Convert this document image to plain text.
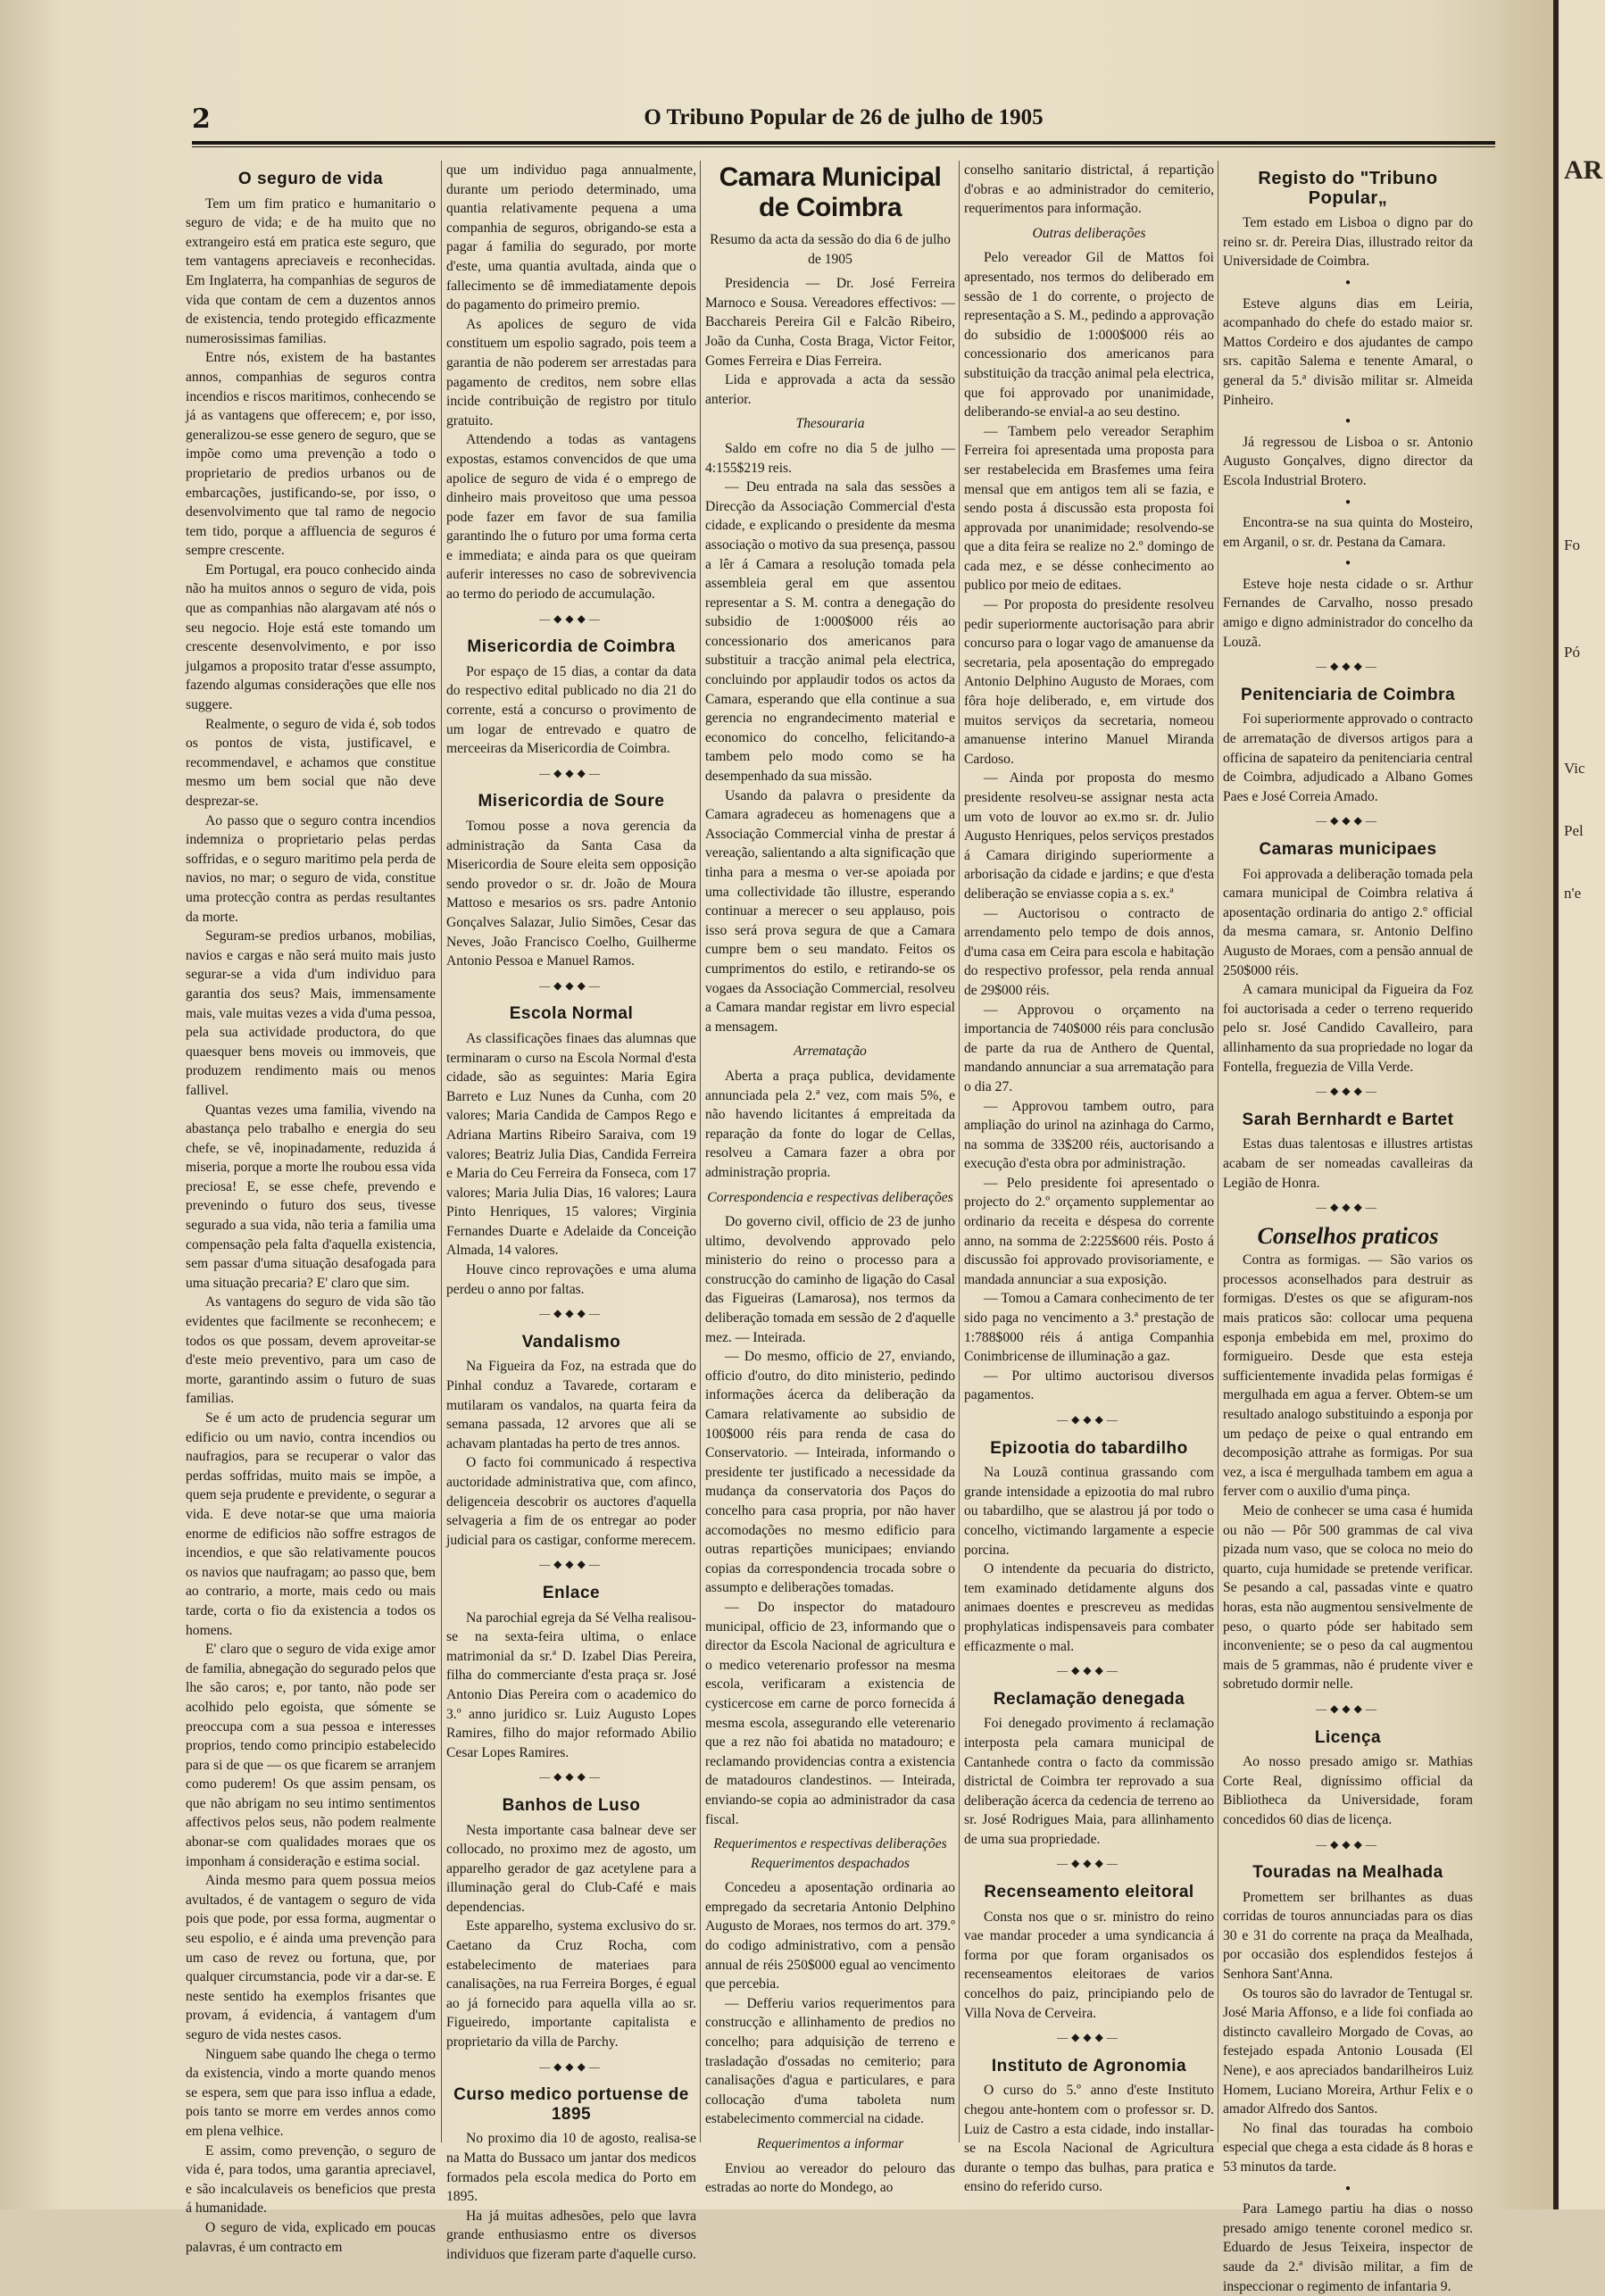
2	O Tribuno Popular de 26 de julho de 1905
O seguro de vida

Tem um fim pratico e humanitario o seguro de vida; e de ha muito que no extrangeiro está em pratica este seguro, que tem vantagens apreciaveis e reconhecidas. Em Inglaterra, ha companhias de seguros de vida que contam de cem a duzentos annos de existencia, tendo protegido efficazmente numerosissimas familias.

Entre nós, existem de ha bastantes annos, companhias de seguros contra incendios e riscos maritimos, conhecendo se já as vantagens que offerecem; e, por isso, generalizou-se esse genero de seguro, que se impõe como uma prevenção a todo o proprietario de predios urbanos ou de embarcações, justificando-se, por isso, o desenvolvimento que tal ramo de negocio tem tido, porque a affluencia de seguros é sempre crescente.

Em Portugal, era pouco conhecido ainda não ha muitos annos o seguro de vida, pois que as companhias não alargavam até nós o seu negocio. Hoje está este tomando um crescente desenvolvimento, e por isso julgamos a proposito tratar d'esse assumpto, fazendo algumas considerações que elle nos suggere.

Realmente, o seguro de vida é, sob todos os pontos de vista, justificavel, e recommendavel, e achamos que constitue mesmo um bem social que não deve desprezar-se.

Ao passo que o seguro contra incendios indemniza o proprietario pelas perdas soffridas, e o seguro maritimo pela perda de navios, no mar; o seguro de vida, constitue uma protecção contra as perdas resultantes da morte.

Seguram-se predios urbanos, mobilias, navios e cargas e não será muito mais justo segurar-se a vida d'um individuo para garantia dos seus? Mais, immensamente mais, vale muitas vezes a vida d'uma pessoa, pela sua actividade productora, do que quaesquer bens moveis ou immoveis, que produzem rendimento mais ou menos fallivel.

Quantas vezes uma familia, vivendo na abastança pelo trabalho e energia do seu chefe, se vê, inopinadamente, reduzida á miseria, porque a morte lhe roubou essa vida preciosa! E, se esse chefe, prevendo e prevenindo o futuro dos seus, tivesse segurado a sua vida, não teria a familia uma compensação pela falta d'aquella existencia, sem passar d'uma situação desafogada para uma situação precaria? E' claro que sim.

As vantagens do seguro de vida são tão evidentes que facilmente se reconhecem; e todos os que possam, devem aproveitar-se d'este meio preventivo, para um caso de morte, garantindo assim o futuro de suas familias.

Se é um acto de prudencia segurar um edificio ou um navio, contra incendios ou naufragios, para se recuperar o valor das perdas soffridas, muito mais se impõe, a quem seja prudente e previdente, o segurar a vida. E deve notar-se que uma maioria enorme de edificios não soffre estragos de incendios, e que são relativamente poucos os navios que naufragam; ao passo que, bem ao contrario, a morte, mais cedo ou mais tarde, corta o fio da existencia a todos os homens.

E' claro que o seguro de vida exige amor de familia, abnegação do segurado pelos que lhe são caros; e, por tanto, não pode ser acolhido pelo egoista, que sómente se preoccupa com a sua pessoa e interesses proprios, tendo como principio estabelecido para si de que — os que ficarem se arranjem como puderem! Os que assim pensam, os que não abrigam no seu intimo sentimentos affectivos pelos seus, não podem realmente abonar-se com qualidades moraes que os imponham á consideração e estima social.

Ainda mesmo para quem possua meios avultados, é de vantagem o seguro de vida pois que pode, por essa forma, augmentar o seu espolio, e é ainda uma prevenção para um caso de revez ou fortuna, que, por qualquer circumstancia, pode vir a dar-se. E neste sentido ha exemplos frisantes que provam, á evidencia, á vantagem d'um seguro de vida nestes casos.

Ninguem sabe quando lhe chega o termo da existencia, vindo a morte quando menos se espera, sem que para isso influa a edade, pois tanto se morre em verdes annos como em plena velhice.

E assim, como prevenção, o seguro de vida é, para todos, uma garantia apreciavel, e são incalculaveis os beneficios que presta á humanidade.

O seguro de vida, explicado em poucas palavras, é um contracto em

que um individuo paga annualmente, durante um periodo determinado, uma quantia relativamente pequena a uma companhia de seguros, obrigando-se esta a pagar á familia do segurado, por morte d'este, uma quantia avultada, ainda que o fallecimento se dê immediatamente depois do pagamento do primeiro premio.

As apolices de seguro de vida constituem um espolio sagrado, pois teem a garantia de não poderem ser arrestadas para pagamento de creditos, nem sobre ellas incide contribuição de registro por titulo gratuito.

Attendendo a todas as vantagens expostas, estamos convencidos de que uma apolice de seguro de vida é o emprego de dinheiro mais proveitoso que uma pessoa pode fazer em favor de sua familia garantindo lhe o futuro por uma forma certa e immediata; e ainda para os que queiram auferir interesses no caso de sobrevivencia ao termo do periodo de accumulação.

—◆◆◆—
Misericordia de Coimbra

Por espaço de 15 dias, a contar da data do respectivo edital publicado no dia 21 do corrente, está a concurso o provimento de um logar de entrevado e quatro de merceeiras da Misericordia de Coimbra.

—◆◆◆—
Misericordia de Soure

Tomou posse a nova gerencia da administração da Santa Casa da Misericordia de Soure eleita sem opposição sendo provedor o sr. dr. João de Moura Mattoso e mesarios os srs. padre Antonio Gonçalves Salazar, Julio Simões, Cesar das Neves, João Francisco Coelho, Guilherme Antonio Pessoa e Manuel Ramos.

—◆◆◆—
Escola Normal

As classificações finaes das alumnas que terminaram o curso na Escola Normal d'esta cidade, são as seguintes: Maria Egira Barreto e Luz Nunes da Cunha, com 20 valores; Maria Candida de Campos Rego e Adriana Martins Ribeiro Saraiva, com 19 valores; Beatriz Julia Dias, Candida Ferreira e Maria do Ceu Ferreira da Fonseca, com 17 valores; Maria Julia Dias, 16 valores; Laura Pinto Henriques, 15 valores; Virginia Fernandes Duarte e Adelaide da Conceição Almada, 14 valores.

Houve cinco reprovações e uma aluma perdeu o anno por faltas.

—◆◆◆—
Vandalismo

Na Figueira da Foz, na estrada que do Pinhal conduz a Tavarede, cortaram e mutilaram os vandalos, na quarta feira da semana passada, 12 arvores que ali se achavam plantadas ha perto de tres annos.

O facto foi communicado á respectiva auctoridade administrativa que, com afinco, deligenceia descobrir os auctores d'aquella selvageria a fim de os entregar ao poder judicial para os castigar, conforme merecem.

—◆◆◆—
Enlace

Na parochial egreja da Sé Velha realisou-se na sexta-feira ultima, o enlace matrimonial da sr.ª D. Izabel Dias Pereira, filha do commerciante d'esta praça sr. José Antonio Dias Pereira com o academico do 3.º anno juridico sr. Luiz Augusto Lopes Ramires, filho do major reformado Abilio Cesar Lopes Ramires.

—◆◆◆—
Banhos de Luso

Nesta importante casa balnear deve ser collocado, no proximo mez de agosto, um apparelho gerador de gaz acetylene para a illuminação geral do Club-Café e mais dependencias.

Este apparelho, systema exclusivo do sr. Caetano da Cruz Rocha, com estabelecimento de materiaes para canalisações, na rua Ferreira Borges, é egual ao já fornecido para aquella villa ao sr. Figueiredo, importante capitalista e proprietario da villa de Parchy.

—◆◆◆—
Curso medico portuense de 1895

No proximo dia 10 de agosto, realisa-se na Matta do Bussaco um jantar dos medicos formados pela escola medica do Porto em 1895.

Ha já muitas adhesões, pelo que lavra grande enthusiasmo entre os diversos individuos que fizeram parte d'aquelle curso.

Camara Municipal de Coimbra
Resumo da acta da sessão do dia 6 de julho de 1905

Presidencia — Dr. José Ferreira Marnoco e Sousa. Vereadores effectivos: — Bacchareis Pereira Gil e Falcão Ribeiro, João da Cunha, Costa Braga, Victor Feitor, Gomes Ferreira e Dias Ferreira.

Lida e approvada a acta da sessão anterior.

Thesouraria

Saldo em cofre no dia 5 de julho — 4:155$219 reis.

— Deu entrada na sala das sessões a Direcção da Associação Commercial d'esta cidade, e explicando o presidente da mesma associação o motivo da sua presença, passou a lêr á Camara a resolução tomada pela assembleia geral em que assentou representar a S. M. contra a denegação do subsidio de 1:000$000 réis ao concessionario dos americanos para substituir a tracção animal pela electrica, concluindo por applaudir todos os actos da Camara, esperando que ella continue a sua gerencia no engrandecimento material e economico do concelho, felicitando-a tambem pelo modo como se ha desempenhado da sua missão.

Usando da palavra o presidente da Camara agradeceu as homenagens que a Associação Commercial vinha de prestar á vereação, salientando a alta significação que tinha para a mesma o ver-se apoiada por uma collectividade tão illustre, esperando continuar a merecer o seu applauso, pois isso será prova segura de que a Camara cumpre bem o seu mandato. Feitos os cumprimentos do estilo, e retirando-se os vogaes da Associação Commercial, resolveu a Camara mandar registar em livro especial a mensagem.

Arrematação

Aberta a praça publica, devidamente annunciada pela 2.ª vez, com mais 5%, e não havendo licitantes á empreitada da reparação da fonte do logar de Cellas, resolveu a Camara fazer a obra por administração propria.

Correspondencia e respectivas deliberações

Do governo civil, officio de 23 de junho ultimo, devolvendo approvado pelo ministerio do reino o processo para a construcção do caminho de ligação do Casal das Figueiras (Lamarosa), nos termos da deliberação tomada em sessão de 2 d'aquelle mez. — Inteirada.

— Do mesmo, officio de 27, enviando, officio d'outro, do dito ministerio, pedindo informações ácerca da deliberação da Camara relativamente ao subsidio de 100$000 réis para renda de casa do Conservatorio. — Inteirada, informando o presidente ter justificado a necessidade da mudança da conservatoria dos Paços do concelho para casa propria, por não haver accomodações no mesmo edificio para outras repartições municipaes; enviando copias da correspondencia trocada sobre o assumpto e deliberações tomadas.

— Do inspector do matadouro municipal, officio de 23, informando que o director da Escola Nacional de agricultura e o medico veterenario professor na mesma escola, verificaram a existencia de cysticercose em carne de porco fornecida á mesma escola, assegurando elle veterenario que a rez não foi abatida no matadouro; e reclamando providencias contra a existencia de matadouros clandestinos. — Inteirada, enviando-se copia ao administrador da casa fiscal.

Requerimentos e respectivas deliberações Requerimentos despachados

Concedeu a aposentação ordinaria ao empregado da secretaria Antonio Delphino Augusto de Moraes, nos termos do art. 379.º do codigo administrativo, com a pensão annual de réis 250$000 egual ao vencimento que percebia.

— Defferiu varios requerimentos para construcção e allinhamento de predios no concelho; para adquisição de terreno e trasladação d'ossadas no cemiterio; para canalisações d'agua e particulares, e para collocação d'uma taboleta num estabelecimento commercial na cidade.

Requerimentos a informar

Enviou ao vereador do pelouro das estradas ao norte do Mondego, ao

conselho sanitario districtal, á repartição d'obras e ao administrador do cemiterio, requerimentos para informação.

Outras deliberações

Pelo vereador Gil de Mattos foi apresentado, nos termos do deliberado em sessão de 1 do corrente, o projecto de representação a S. M., pedindo a approvação do subsidio de 1:000$000 réis ao concessionario dos americanos para substituição da tracção animal pela electrica, que foi approvado por unanimidade, deliberando-se envial-a ao seu destino.

— Tambem pelo vereador Seraphim Ferreira foi apresentada uma proposta para ser restabelecida em Brasfemes uma feira mensal que em antigos tem ali se fazia, e sendo posta á discussão esta proposta foi approvada por unanimidade; resolvendo-se que a dita feira se realize no 2.º domingo de cada mez, e se désse conhecimento ao publico por meio de editaes.

— Por proposta do presidente resolveu pedir superiormente auctorisação para abrir concurso para o logar vago de amanuense da secretaria, pela aposentação do empregado Antonio Delphino Augusto de Moraes, com fôra hoje deliberado, e, em virtude dos muitos serviços da secretaria, nomeou amanuense interino Manuel Miranda Cardoso.

— Ainda por proposta do mesmo presidente resolveu-se assignar nesta acta um voto de louvor ao ex.mo sr. dr. Julio Augusto Henriques, pelos serviços prestados á Camara dirigindo superiormente a arborisação da cidade e jardins; e que d'esta deliberação se enviasse copia a s. ex.ª

— Auctorisou o contracto de arrendamento pelo tempo de dois annos, d'uma casa em Ceira para escola e habitação do respectivo professor, pela renda annual de 29$000 réis.

— Approvou o orçamento na importancia de 740$000 réis para conclusão de parte da rua de Anthero de Quental, mandando annunciar a sua arrematação para o dia 27.

— Approvou tambem outro, para ampliação do urinol na azinhaga do Carmo, na somma de 33$200 réis, auctorisando a execução d'esta obra por administração.

— Pelo presidente foi apresentado o projecto do 2.º orçamento supplementar ao ordinario da receita e déspesa do corrente anno, na somma de 2:225$600 réis. Posto á discussão foi approvado provisoriamente, e mandada annunciar a sua exposição.

— Tomou a Camara conhecimento de ter sido paga no vencimento a 3.ª prestação de 1:788$000 réis á antiga Companhia Conimbricense de illuminação a gaz.

— Por ultimo auctorisou diversos pagamentos.

—◆◆◆—
Epizootia do tabardilho

Na Louzã continua grassando com grande intensidade a epizootia do mal rubro ou tabardilho, que se alastrou já por todo o concelho, victimando largamente a especie porcina.

O intendente da pecuaria do districto, tem examinado detidamente alguns dos animaes doentes e prescreveu as medidas prophylaticas indispensaveis para combater efficazmente o mal.

—◆◆◆—
Reclamação denegada

Foi denegado provimento á reclamação interposta pela camara municipal de Cantanhede contra o facto da commissão districtal de Coimbra ter reprovado a sua deliberação ácerca da cedencia de terreno ao sr. José Rodrigues Maia, para allinhamento de uma sua propriedade.

—◆◆◆—
Recenseamento eleitoral

Consta nos que o sr. ministro do reino vae mandar proceder a uma syndicancia á forma por que foram organisados os recenseamentos eleitoraes de varios concelhos do paiz, principiando pelo de Villa Nova de Cerveira.

—◆◆◆—
Instituto de Agronomia

O curso do 5.º anno d'este Instituto chegou ante-hontem com o professor sr. D. Luiz de Castro a esta cidade, indo installar-se na Escola Nacional de Agricultura durante o tempo das bulhas, para pratica e ensino do referido curso.

Registo do "Tribuno Popular„

Tem estado em Lisboa o digno par do reino sr. dr. Pereira Dias, illustrado reitor da Universidade de Coimbra.

●

Esteve alguns dias em Leiria, acompanhado do chefe do estado maior sr. Mattos Cordeiro e dos ajudantes de campo srs. capitão Salema e tenente Amaral, o general da 5.ª divisão militar sr. Almeida Pinheiro.

●

Já regressou de Lisboa o sr. Antonio Augusto Gonçalves, digno director da Escola Industrial Brotero.

●

Encontra-se na sua quinta do Mosteiro, em Arganil, o sr. dr. Pestana da Camara.

●

Esteve hoje nesta cidade o sr. Arthur Fernandes de Carvalho, nosso presado amigo e digno administrador do concelho da Louzã.

—◆◆◆—
Penitenciaria de Coimbra

Foi superiormente approvado o contracto de arrematação de diversos artigos para a officina de sapateiro da penitenciaria central de Coimbra, adjudicado a Albano Gomes Paes e José Correia Amado.

—◆◆◆—
Camaras municipaes

Foi approvada a deliberação tomada pela camara municipal de Coimbra relativa á aposentação ordinaria do antigo 2.º official da mesma camara, sr. Antonio Delfino Augusto de Moraes, com a pensão annual de 250$000 réis.

A camara municipal da Figueira da Foz foi auctorisada a ceder o terreno requerido pelo sr. José Candido Cavalleiro, para allinhamento da sua propriedade no logar da Fontella, freguezia de Villa Verde.

—◆◆◆—
Sarah Bernhardt e Bartet

Estas duas talentosas e illustres artistas acabam de ser nomeadas cavalleiras da Legião de Honra.

—◆◆◆—
Conselhos praticos

Contra as formigas. — São varios os processos aconselhados para destruir as formigas. D'estes os que se afiguram-nos mais praticos são: collocar uma pequena esponja embebida em mel, proximo do formigueiro. Desde que esta esteja sufficientemente invadida pelas formigas é mergulhada em agua a ferver. Obtem-se um resultado analogo substituindo a esponja por um pedaço de peixe o qual entrando em decomposição attrahe as formigas. Por sua vez, a isca é mergulhada tambem em agua a ferver com o auxilio d'uma pinça.

Meio de conhecer se uma casa é humida ou não — Pôr 500 grammas de cal viva pizada num vaso, que se coloca no meio do quarto, cuja humidade se pretende verificar. Se pesando a cal, passadas vinte e quatro horas, esta não augmentou sensivelmente de peso, o quarto póde ser habitado sem inconveniente; se o peso da cal augmentou mais de 5 grammas, não é prudente viver e sobretudo dormir nelle.

—◆◆◆—
Licença

Ao nosso presado amigo sr. Mathias Corte Real, digníssimo official da Bibliotheca da Universidade, foram concedidos 60 dias de licença.

—◆◆◆—
Touradas na Mealhada

Promettem ser brilhantes as duas corridas de touros annunciadas para os dias 30 e 31 do corrente na praça da Mealhada, por occasião dos esplendidos festejos á Senhora Sant'Anna.

Os touros são do lavrador de Tentugal sr. José Maria Affonso, e a lide foi confiada ao distincto cavalleiro Morgado de Covas, ao festejado espada Antonio Lousada (El Nene), e aos apreciados bandarilheiros Luiz Homem, Luciano Moreira, Arthur Felix e o amador Alfredo dos Santos.

No final das touradas ha comboio especial que chega a esta cidade ás 8 horas e 53 minutos da tarde.

●

Para Lamego partiu ha dias o nosso presado amigo tenente coronel medico sr. Eduardo de Jesus Teixeira, inspector de saude da 2.ª divisão militar, a fim de inspeccionar o regimento de infantaria 9.

AR
Fo
Pó
Vic
Pel
n'e
